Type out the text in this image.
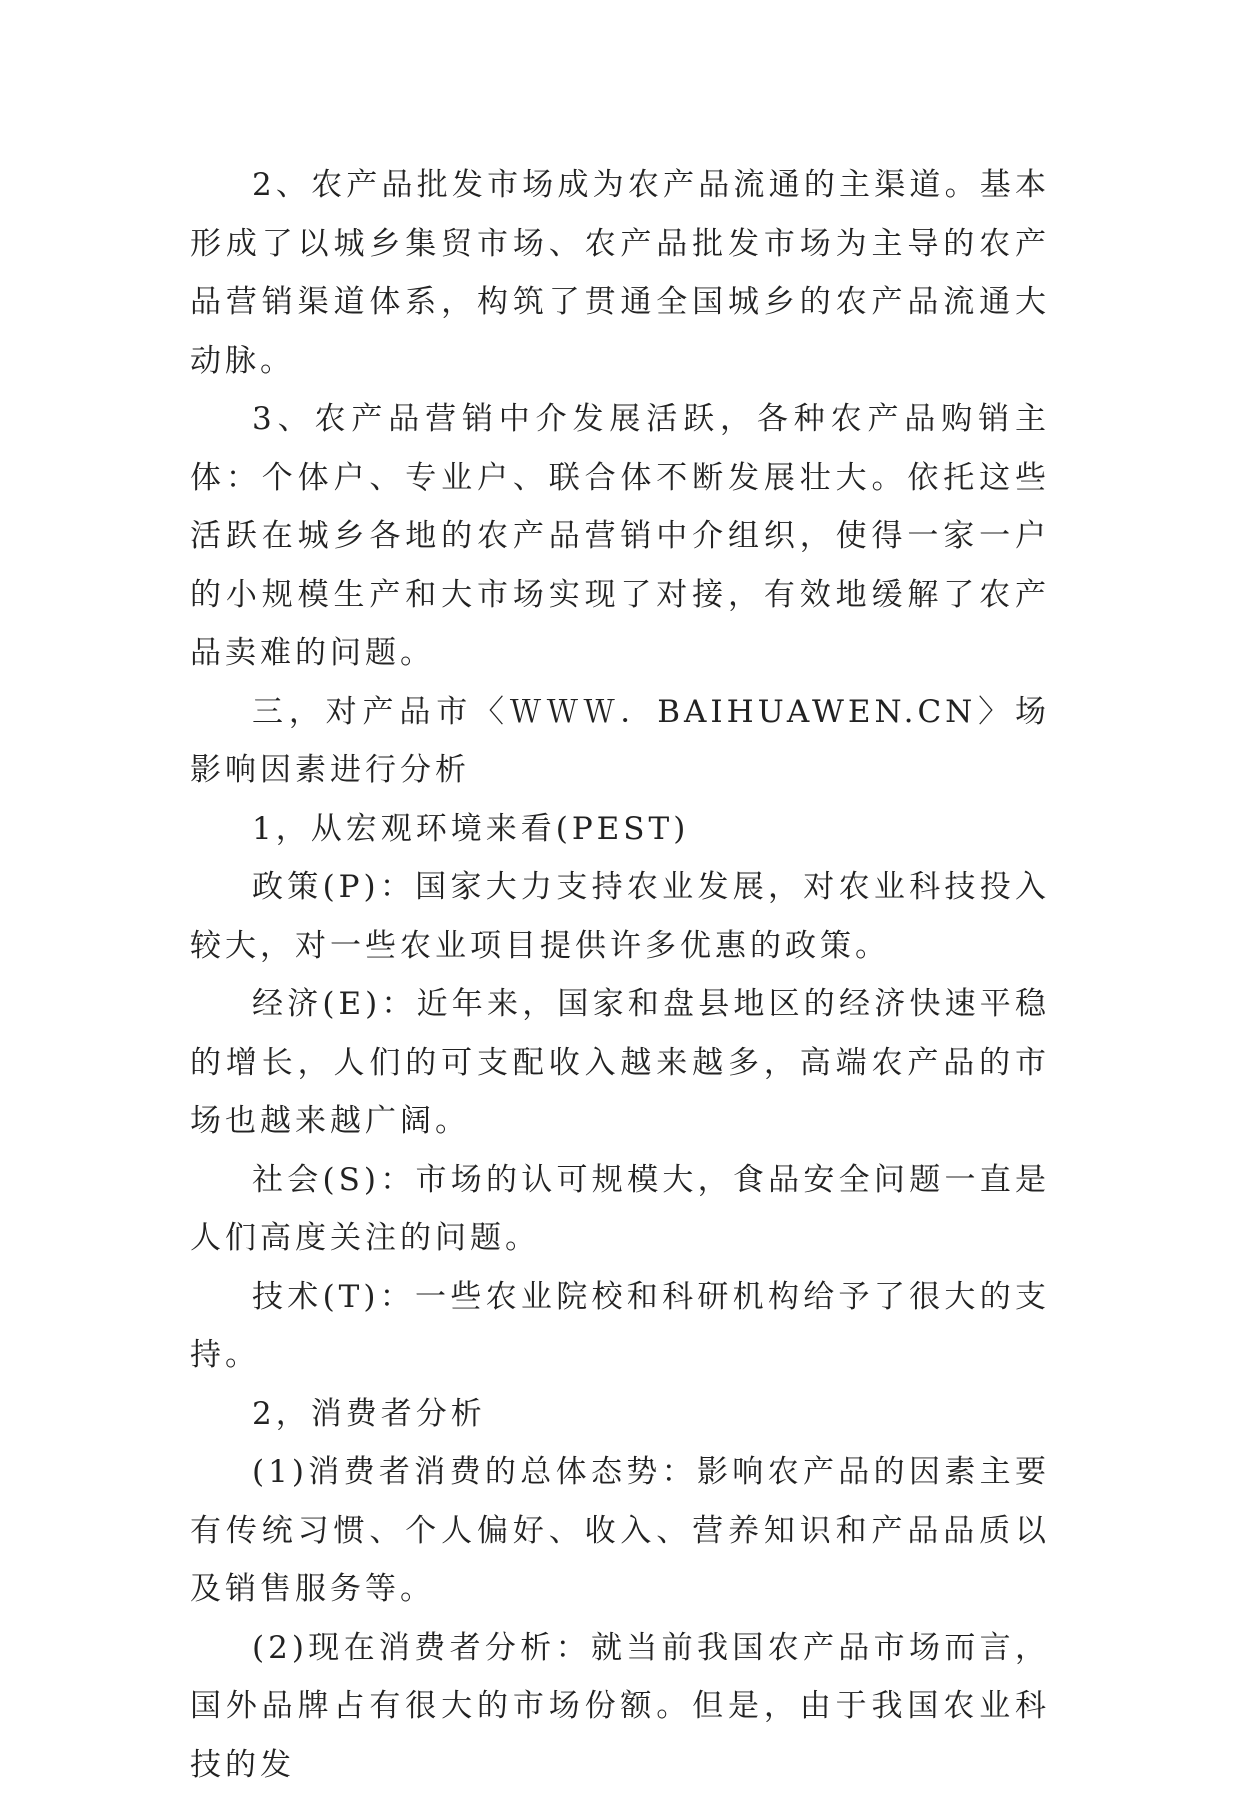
2、农产品批发市场成为农产品流通的主渠道。基本形成了以城乡集贸市场、农产品批发市场为主导的农产品营销渠道体系，构筑了贯通全国城乡的农产品流通大动脉。

3、农产品营销中介发展活跃，各种农产品购销主体：个体户、专业户、联合体不断发展壮大。依托这些活跃在城乡各地的农产品营销中介组织，使得一家一户的小规模生产和大市场实现了对接，有效地缓解了农产品卖难的问题。

三，对产品市〈ＷＷＷ．BAIHUAWEN.CN〉场影响因素进行分析

1，从宏观环境来看(PEST)

政策(P)：国家大力支持农业发展，对农业科技投入较大，对一些农业项目提供许多优惠的政策。

经济(E)：近年来，国家和盘县地区的经济快速平稳的增长，人们的可支配收入越来越多，高端农产品的市场也越来越广阔。

社会(S)：市场的认可规模大，食品安全问题一直是人们高度关注的问题。

技术(T)：一些农业院校和科研机构给予了很大的支持。

2，消费者分析

(1)消费者消费的总体态势：影响农产品的因素主要有传统习惯、个人偏好、收入、营养知识和产品品质以及销售服务等。

(2)现在消费者分析：就当前我国农产品市场而言，国外品牌占有很大的市场份额。但是，由于我国农业科技的发
